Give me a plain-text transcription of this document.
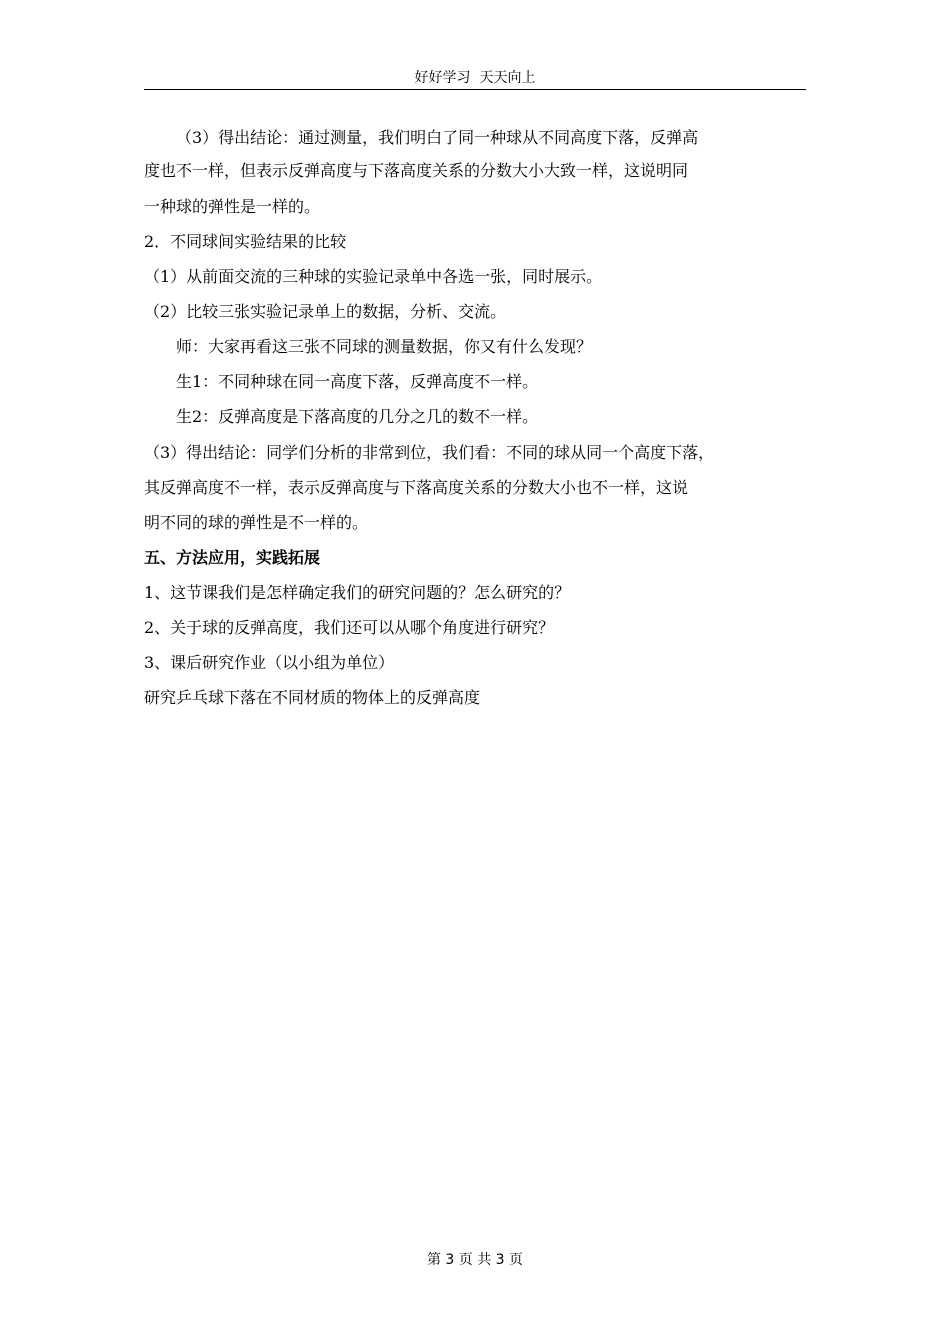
好好学习  天天向上
（3）得出结论：通过测量，我们明白了同一种球从不同高度下落，反弹高
度也不一样，但表示反弹高度与下落高度关系的分数大小大致一样，这说明同
一种球的弹性是一样的。
2．不同球间实验结果的比较
（1）从前面交流的三种球的实验记录单中各选一张，同时展示。
（2）比较三张实验记录单上的数据，分析、交流。
师：大家再看这三张不同球的测量数据，你又有什么发现？
生1：不同种球在同一高度下落，反弹高度不一样。
生2：反弹高度是下落高度的几分之几的数不一样。
（3）得出结论：同学们分析的非常到位，我们看：不同的球从同一个高度下落，
其反弹高度不一样，表示反弹高度与下落高度关系的分数大小也不一样，这说
明不同的球的弹性是不一样的。
五、方法应用，实践拓展
1、这节课我们是怎样确定我们的研究问题的？怎么研究的？
2、关于球的反弹高度，我们还可以从哪个角度进行研究？
3、课后研究作业（以小组为单位）
研究乒乓球下落在不同材质的物体上的反弹高度
第 3 页 共 3 页
